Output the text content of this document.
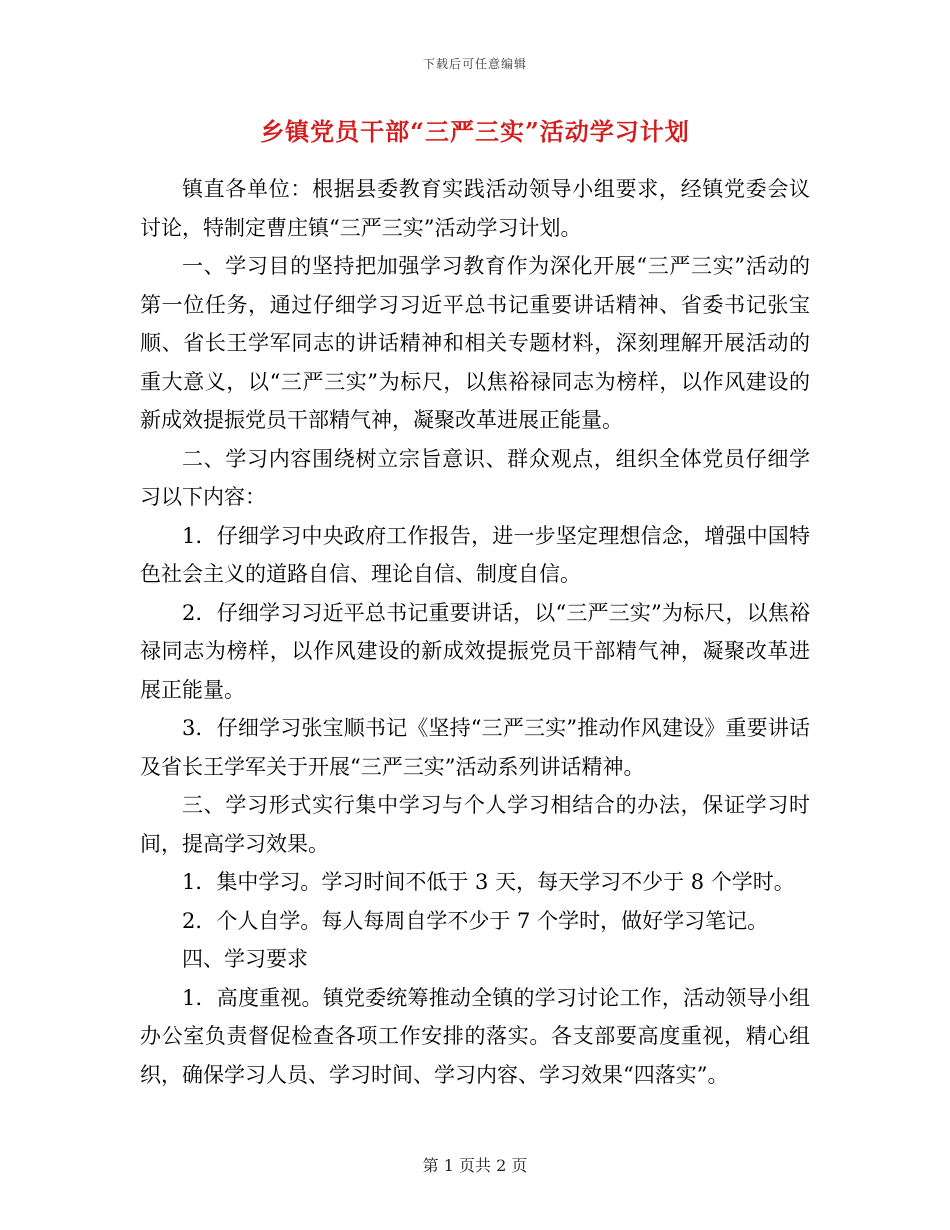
下载后可任意编辑
乡镇党员干部“三严三实”活动学习计划

镇直各单位：根据县委教育实践活动领导小组要求，经镇党委会议讨论，特制定曹庄镇“三严三实”活动学习计划。

一、学习目的坚持把加强学习教育作为深化开展“三严三实”活动的第一位任务，通过仔细学习习近平总书记重要讲话精神、省委书记张宝顺、省长王学军同志的讲话精神和相关专题材料，深刻理解开展活动的重大意义，以“三严三实”为标尺，以焦裕禄同志为榜样，以作风建设的新成效提振党员干部精气神，凝聚改革进展正能量。

二、学习内容围绕树立宗旨意识、群众观点，组织全体党员仔细学习以下内容：

1．仔细学习中央政府工作报告，进一步坚定理想信念，增强中国特色社会主义的道路自信、理论自信、制度自信。

2．仔细学习习近平总书记重要讲话，以“三严三实”为标尺，以焦裕禄同志为榜样，以作风建设的新成效提振党员干部精气神，凝聚改革进展正能量。

3．仔细学习张宝顺书记《坚持“三严三实”推动作风建设》重要讲话及省长王学军关于开展“三严三实”活动系列讲话精神。

三、学习形式实行集中学习与个人学习相结合的办法，保证学习时间，提高学习效果。

1．集中学习。学习时间不低于 3 天，每天学习不少于 8 个学时。

2．个人自学。每人每周自学不少于 7 个学时，做好学习笔记。

四、学习要求

1．高度重视。镇党委统筹推动全镇的学习讨论工作，活动领导小组办公室负责督促检查各项工作安排的落实。各支部要高度重视，精心组织，确保学习人员、学习时间、学习内容、学习效果“四落实”。

第 1 页共 2 页
